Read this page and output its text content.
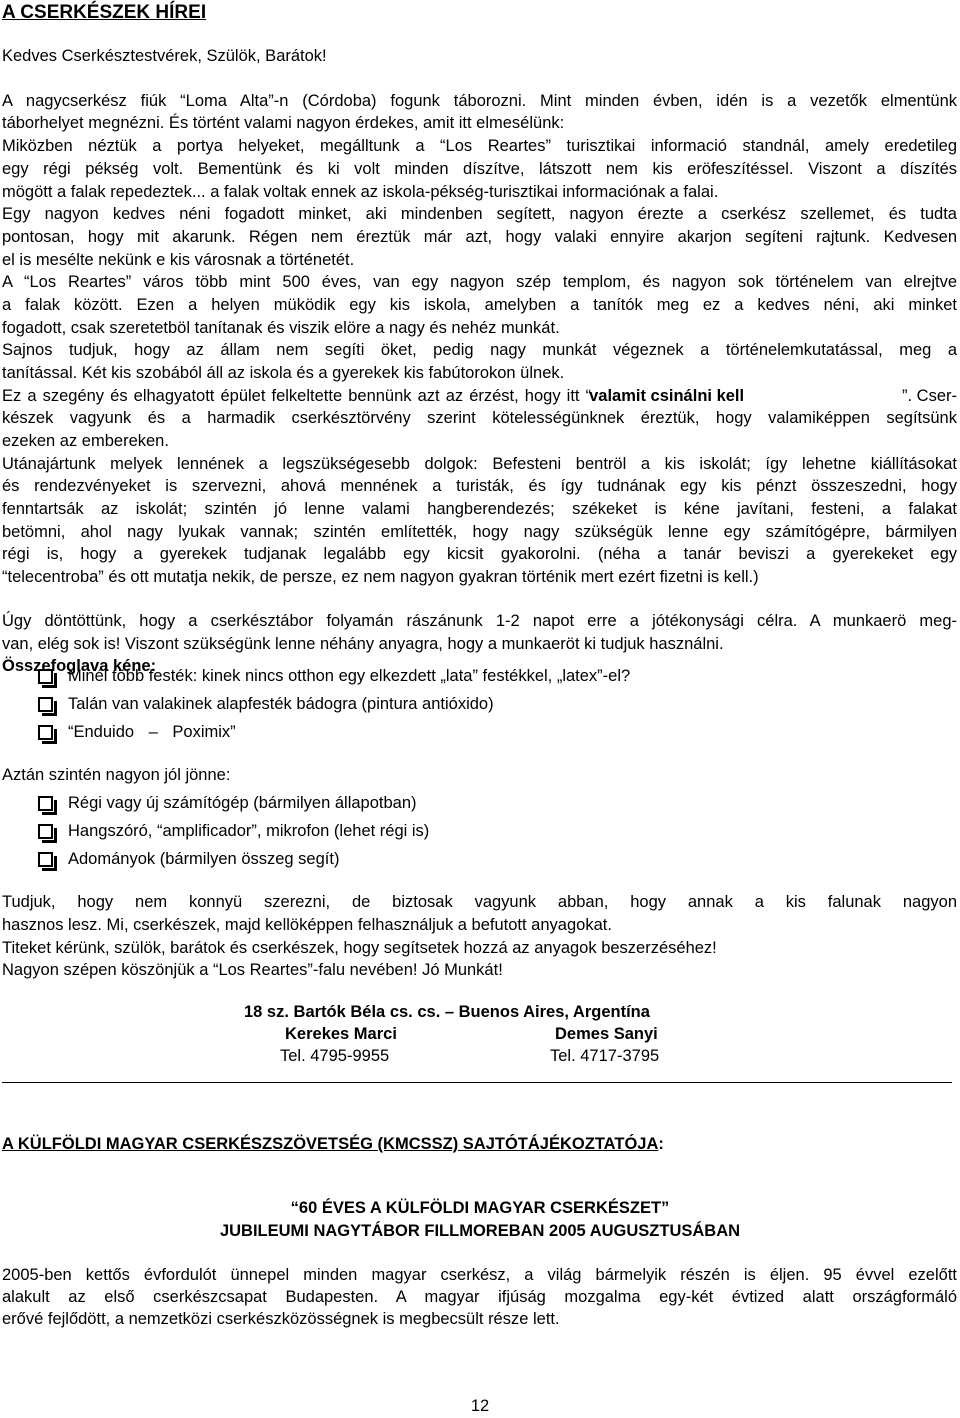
A CSERKÉSZEK HÍREI
Kedves Cserkésztestvérek, Szülök, Barátok!
A nagycserkész fiúk “Loma Alta”-n (Córdoba) fogunk táborozni. Mint minden évben, idén is a vezetők elmentünk
táborhelyet megnézni. És történt valami nagyon érdekes, amit itt elmesélünk:
Miközben néztük a portya helyeket, megálltunk a “Los Reartes” turisztikai informació standnál, amely eredetileg
egy régi pékség volt. Bementünk és ki volt minden díszítve, látszott nem kis eröfeszítéssel. Viszont a díszítés
mögött a falak repedeztek... a falak voltak ennek az iskola-pékség-turisztikai informaciónak a falai.
Egy nagyon kedves néni fogadott minket, aki mindenben segített, nagyon érezte a cserkész szellemet, és tudta
pontosan, hogy mit akarunk. Régen nem éreztük már azt, hogy valaki ennyire akarjon segíteni rajtunk. Kedvesen
el is mesélte nekünk e kis városnak a történetét.
A “Los Reartes” város több mint 500 éves, van egy nagyon szép templom, és nagyon sok történelem van elrejtve
a falak között. Ezen a helyen müködik egy kis iskola, amelyben a tanítók meg ez a kedves néni, aki minket
fogadott, csak szeretetböl tanítanak és viszik elöre a nagy és nehéz munkát.
Sajnos tudjuk, hogy az állam nem segíti öket, pedig nagy munkát végeznek a történelemkutatással, meg a
tanítással. Két kis szobából áll az iskola és a gyerekek kis fabútorokon ülnek.
Ez a szegény és elhagyatott épület felkeltette bennünk azt az érzést, hogy itt “
valamit csinálni kell	”. Cser-
készek vagyunk és a harmadik cserkésztörvény szerint kötelességünknek éreztük, hogy valamiképpen segítsünk
ezeken az embereken.
Utánajártunk melyek lennének a legszükségesebb dolgok: Befesteni bentröl a kis iskolát; így lehetne kiállításokat
és rendezvényeket is szervezni, ahová mennének a turisták, és így tudnának egy kis pénzt összeszedni, hogy
fenntartsák az iskolát; szintén jó lenne valami hangberendezés; székeket is kéne javítani, festeni, a falakat
betömni, ahol nagy lyukak vannak; szintén említették, hogy nagy szükségük lenne egy számítógépre, bármilyen
régi is, hogy a gyerekek tudjanak legalább egy kicsit gyakorolni. (néha a tanár beviszi a gyerekeket egy
“telecentroba” és ott mutatja nekik, de persze, ez nem nagyon gyakran történik mert ezért fizetni is kell.)
Úgy döntöttünk, hogy a cserkésztábor folyamán rászánunk 1-2 napot erre a jótékonysági célra. A munkaerö meg-
van, elég sok is! Viszont szükségünk lenne néhány anyagra, hogy a munkaeröt ki tudjuk használni.
Összefoglava kéne:
Minél több festék: kinek nincs otthon egy elkezdett „lata” festékkel, „latex”-el?
Talán van valakinek alapfesték bádogra (pintura antióxido)
“Enduido – Poximix”
Aztán szintén nagyon jól jönne:
Régi vagy új számítógép (bármilyen állapotban)
Hangszóró, “amplificador”, mikrofon (lehet régi is)
Adományok (bármilyen összeg segít)
Tudjuk, hogy nem konnyü szerezni, de biztosak vagyunk abban, hogy annak a kis falunak nagyon
hasznos lesz. Mi, cserkészek, majd kellöképpen felhasználjuk a befutott anyagokat.
Titeket kérünk, szülök, barátok és cserkészek, hogy segítsetek hozzá az anyagok beszerzéséhez!
Nagyon szépen köszönjük a “Los Reartes”-falu nevében! Jó Munkát!
18 sz. Bartók Béla cs. cs. – Buenos Aires, Argentína
Kerekes Marci	Demes Sanyi
Tel. 4795-9955	Tel. 4717-3795
A KÜLFÖLDI MAGYAR CSERKÉSZSZÖVETSÉG (KMCSSZ) SAJTÓTÁJÉKOZTATÓJA:
“60 ÉVES A KÜLFÖLDI MAGYAR CSERKÉSZET”
JUBILEUMI NAGYTÁBOR FILLMOREBAN 2005 AUGUSZTUSÁBAN
2005-ben kettős évfordulót ünnepel minden magyar cserkész, a világ bármelyik részén is éljen. 95 évvel ezelőtt
alakult az első cserkészcsapat Budapesten. A magyar ifjúság mozgalma egy-két évtized alatt országformáló
erővé fejlődött, a nemzetközi cserkészközösségnek is megbecsült része lett.
12
